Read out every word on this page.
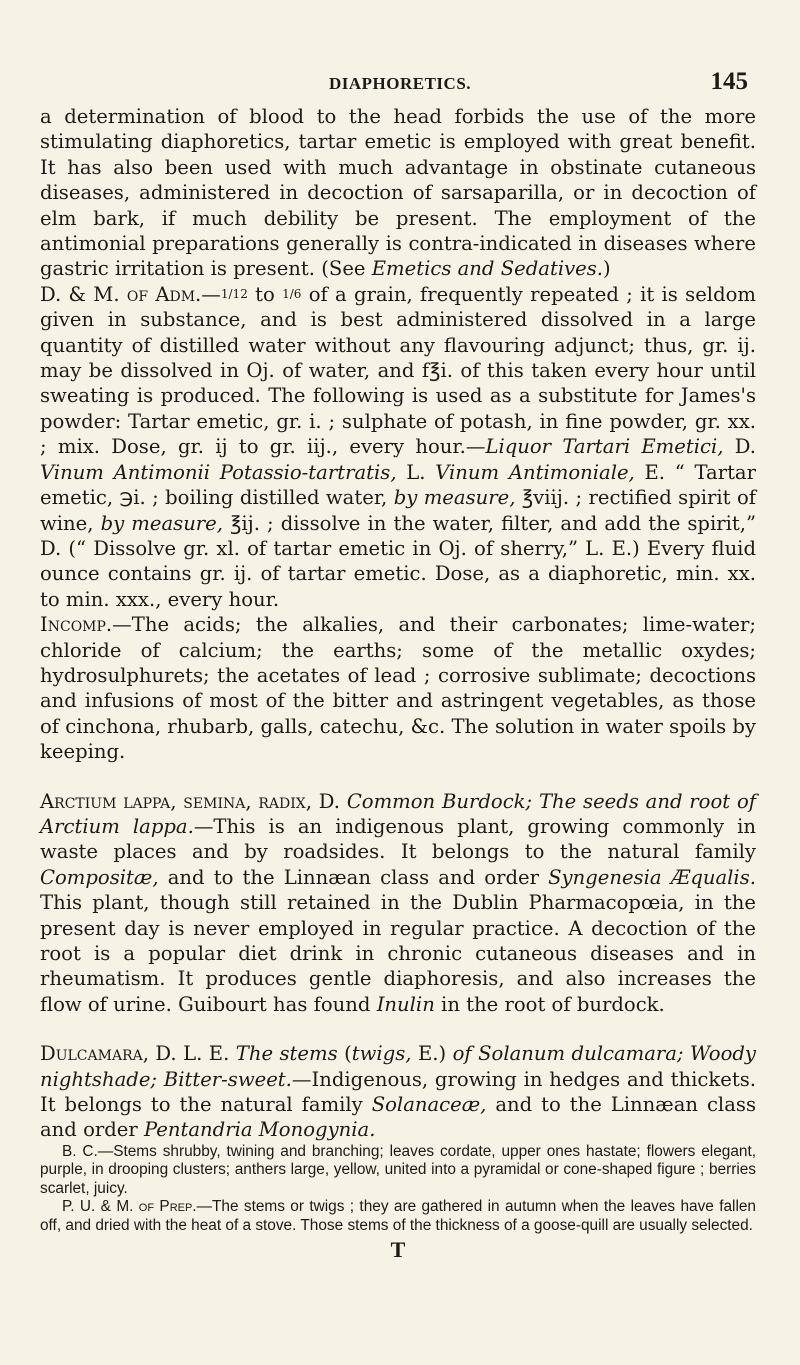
DIAPHORETICS.	145

a determination of blood to the head forbids the use of the more stimulating diaphoretics, tartar emetic is employed with great benefit. It has also been used with much advantage in obstinate cutaneous diseases, administered in decoction of sarsaparilla, or in decoction of elm bark, if much debility be present. The employment of the antimonial preparations generally is contra-indicated in diseases where gastric irritation is present. (See Emetics and Sedatives.)

D. & M. of Adm.—1/12 to 1/6 of a grain, frequently repeated ; it is seldom given in substance, and is best administered dissolved in a large quantity of distilled water without any flavouring adjunct; thus, gr. ij. may be dissolved in Oj. of water, and f℥i. of this taken every hour until sweating is produced. The following is used as a substitute for James's powder: Tartar emetic, gr. i. ; sulphate of potash, in fine powder, gr. xx. ; mix. Dose, gr. ij to gr. iij., every hour.—Liquor Tartari Emetici, D. Vinum Antimonii Potassio-tartratis, L. Vinum Antimoniale, E. “ Tartar emetic, ℈i. ; boiling distilled water, by measure, ℥viij. ; rectified spirit of wine, by measure, ℥ij. ; dissolve in the water, filter, and add the spirit,” D. (“ Dissolve gr. xl. of tartar emetic in Oj. of sherry,” L. E.) Every fluid ounce contains gr. ij. of tartar emetic. Dose, as a diaphoretic, min. xx. to min. xxx., every hour.

Incomp.—The acids; the alkalies, and their carbonates; lime-water; chloride of calcium; the earths; some of the metallic oxydes; hydrosulphurets; the acetates of lead ; corrosive sublimate; decoctions and infusions of most of the bitter and astringent vegetables, as those of cinchona, rhubarb, galls, catechu, &c. The solution in water spoils by keeping.

Arctium lappa, semina, radix, D. Common Burdock; The seeds and root of Arctium lappa.—This is an indigenous plant, growing commonly in waste places and by roadsides. It belongs to the natural family Compositæ, and to the Linnæan class and order Syngenesia Æqualis. This plant, though still retained in the Dublin Pharmacopœia, in the present day is never employed in regular practice. A decoction of the root is a popular diet drink in chronic cutaneous diseases and in rheumatism. It produces gentle diaphoresis, and also increases the flow of urine. Guibourt has found Inulin in the root of burdock.

Dulcamara, D. L. E. The stems (twigs, E.) of Solanum dulcamara; Woody nightshade; Bitter-sweet.—Indigenous, growing in hedges and thickets. It belongs to the natural family Solanaceæ, and to the Linnæan class and order Pentandria Monogynia.

B. C.—Stems shrubby, twining and branching; leaves cordate, upper ones hastate; flowers elegant, purple, in drooping clusters; anthers large, yellow, united into a pyramidal or cone-shaped figure ; berries scarlet, juicy.

P. U. & M. of Prep.—The stems or twigs ; they are gathered in autumn when the leaves have fallen off, and dried with the heat of a stove. Those stems of the thickness of a goose-quill are usually selected.

T
